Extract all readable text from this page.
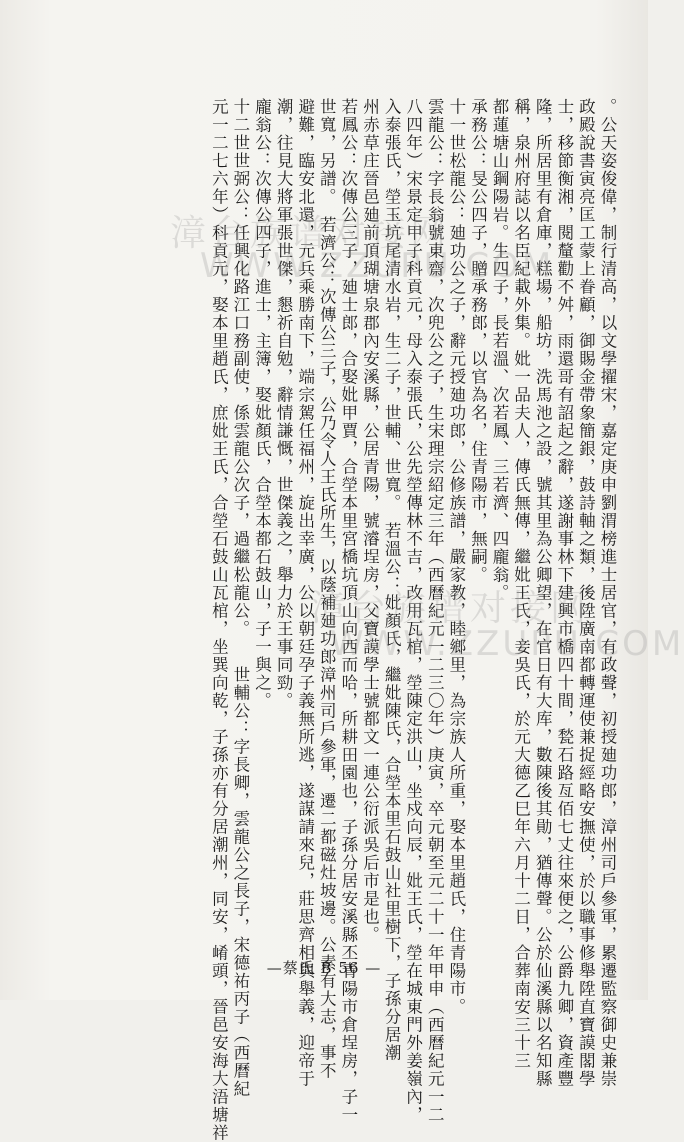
。公天姿俊偉，制行清高，以文學擢宋，嘉定庚申劉渭榜進士居官，有政聲，初授廸功郎，漳州司戶參軍，累遷監察御史兼崇
政殿說書寅亮匡工蒙上眷顧，御賜金帶象簡銀，鼓詩軸之類，後陞廣南都轉運使兼捉經略安撫使，於以職事修舉陞直寶謨閣學
士，移節衡湘，閱釐勸不舛，雨還哥有詔起之辭，遂謝事林下建興市橋四十間，甃石路亙佰七丈往來便之，公爵九卿，資產豐
隆，所居里有倉庫，糕場，船坊，洗馬池之設，號其里為公卿望，在官日有大库，數陳後其勛，猶傳聲。公於仙溪縣以名知縣
稱，泉州府誌以名臣紀載外集。妣一品夫人，傳氏無傳，繼妣王氏，妾吳氏，於元大德乙巳年六月十二日，合葬南安三十三
都蓮塘山鋼陽岩。生四子，長若溫、次若鳳、三若濟、四龐翁。
承務公：旻公四子，贈承務郎，以官為名，住青陽市，無嗣。
十一世松龍公：廸功公之子，辭元授廸功郎，公修族譜，嚴家教，睦鄉里，為宗族人所重，娶本里趙氏，住青陽市。
雲龍公：字長翁號東齋，次兜公之子，生宋理宗紹定三年（西曆紀元一二三〇年）庚寅，卒元朝至元二十一年甲申（西曆紀元一二
八四年）宋景定甲子科貢元，母入泰張氏，公先塋傳林不吉，改用瓦棺，塋陳定洪山，坐戍向辰，妣王氏，塋在城東門外姜嶺內，
入泰張氏，塋玉坑尾清水岩，生二子，世輔、世寬。　若溫公：妣顏氏，繼妣陳氏，合塋本里石鼓山社里樹下，子孫分居潮
州赤草庄晉邑廸前頂瑚塘泉郡內安溪縣，公居青陽，號濬埕房，父寶謨學士號都文一連公衍派吳后市是也。
若鳳公：次傳公三子，廸士郎，合娶妣甲賈，合塋本里宮橋坑頂山向西而哈，所耕田園也，子孫分居安溪縣丕青陽市倉埕房，子一
世寬，另譜。　若濟公：次傳公三子，公乃令人王氏所生，以蔭補廸功郎漳州司戶參軍，遷二都磁灶坡邊。公素有大志，事不
避難，臨安北還，元兵乘勝南下，端宗駕任福州，旋出幸廣，公以朝廷孕子義無所逃，遂謀請來兒，莊思齊相與舉義，迎帝于
潮，往見大將軍張世傑，懇祈自勉，辭情謙慨，世傑義之，舉力於王事同勁。
龐翁公：次傳公四子，進士，主簿，娶妣顏氏，合塋本都石鼓山，子一與之。
十二世世弼公：任興化路江口務副使，係雲龍公次子，過繼松龍公。　　世輔公：字長卿，雲龍公之長子，宋德祐丙子（西曆紀
元一二七六年）科貢元，娶本里趙氏，庶妣王氏，合塋石鼓山瓦棺，坐巽向乾，子孫亦有分居潮州，同安，崤頭，晉邑安海大浯塘祥
漳台族谱对接网
WWW.ZZUPU.COM
漳台族谱对接网
WWW.ZZUPU.COM
—蔡氏 B 56 —
